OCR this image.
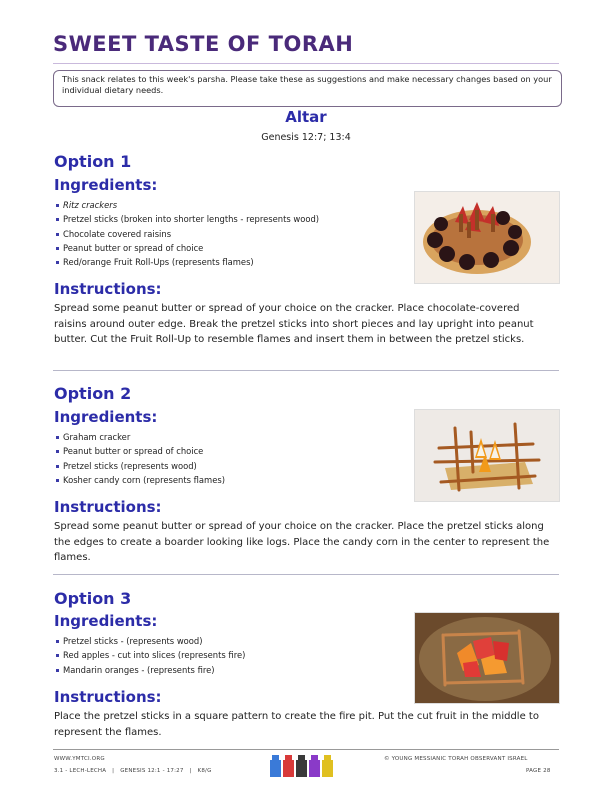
SWEET TASTE OF TORAH
This snack relates to this week's parsha. Please take these as suggestions and make necessary changes based on your individual dietary needs.
Altar
Genesis 12:7; 13:4
Option 1
Ingredients:
Ritz crackers
Pretzel sticks (broken into shorter lengths - represents wood)
Chocolate covered raisins
Peanut butter or spread of choice
Red/orange Fruit Roll-Ups (represents flames)
Instructions:

Spread some peanut butter or spread of your choice on the cracker. Place chocolate-covered raisins around outer edge. Break the pretzel sticks into short pieces and lay upright into peanut butter. Cut the Fruit Roll-Up to resemble flames and insert them in between the pretzel sticks.

Option 2
Ingredients:
Graham cracker
Peanut butter or spread of choice
Pretzel sticks (represents wood)
Kosher candy corn (represents flames)
Instructions:

Spread some peanut butter or spread of your choice on the cracker. Place the pretzel sticks along the edges to create a boarder looking like logs. Place the candy corn in the center to represent the flames.

Option 3
Ingredients:
Pretzel sticks - (represents wood)
Red apples - cut into slices (represents fire)
Mandarin oranges - (represents fire)
Instructions:

Place the pretzel sticks in a square pattern to create the fire pit. Put the cut fruit in the middle to represent the flames.

WWW.YMTCI.ORG
3.1 - LECH-LECHA | GENESIS 12:1 - 17:27 | K8/G
© YOUNG MESSIANIC TORAH OBSERVANT ISRAEL
PAGE 28
